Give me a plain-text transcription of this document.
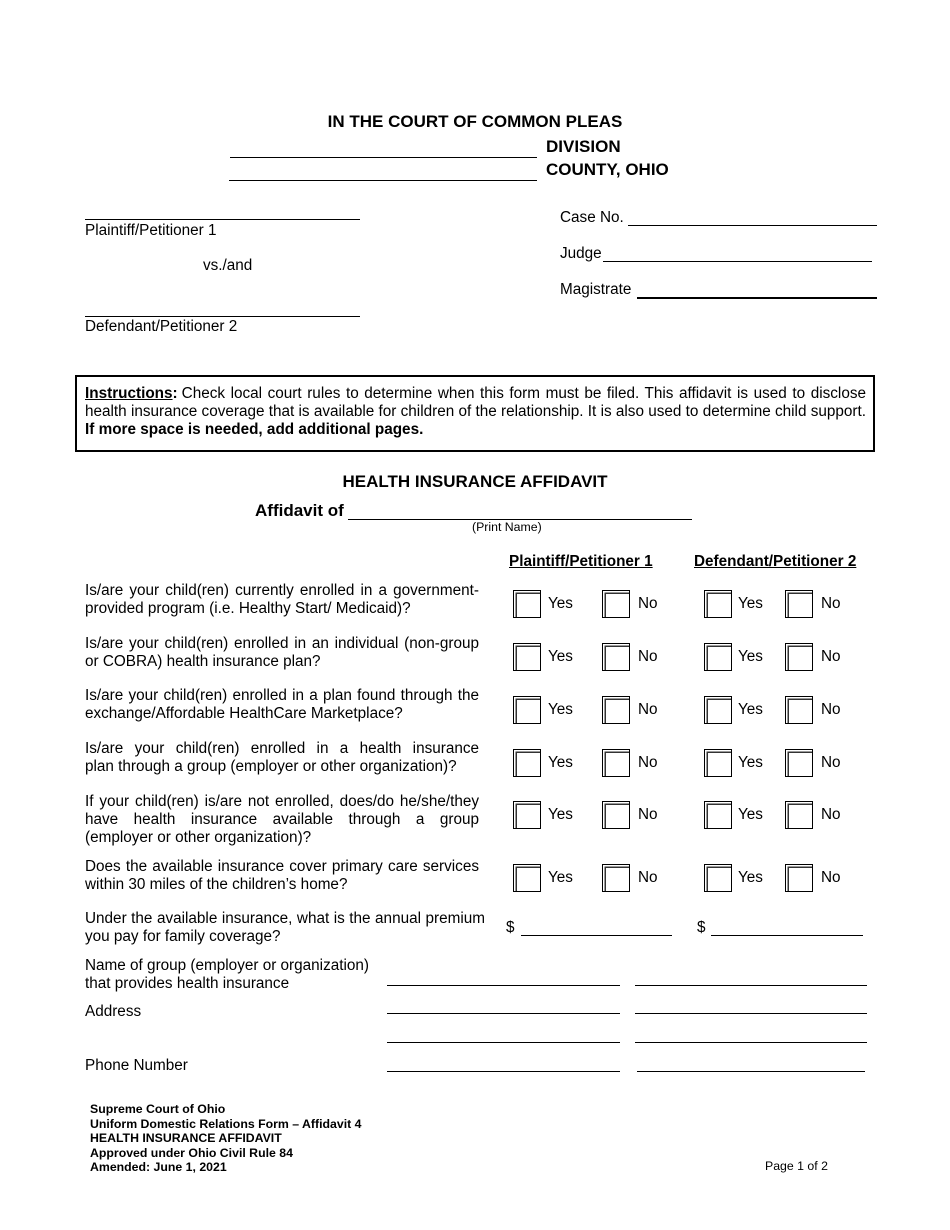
IN THE COURT OF COMMON PLEAS
DIVISION
COUNTY, OHIO
Plaintiff/Petitioner 1
vs./and
Defendant/Petitioner 2
Case No.
Judge
Magistrate
Instructions: Check local court rules to determine when this form must be filed. This affidavit is used to disclose
health insurance coverage that is available for children of the relationship. It is also used to determine child support.
If more space is needed, add additional pages.
HEALTH INSURANCE AFFIDAVIT
Affidavit of
(Print Name)
Plaintiff/Petitioner 1	Defendant/Petitioner 2
Under the available insurance, what is the annual premium
you pay for family coverage?
$	$
Name of group (employer or organization)
that provides health insurance
Address
Phone Number
Supreme Court of Ohio
Uniform Domestic Relations Form – Affidavit 4
HEALTH INSURANCE AFFIDAVIT
Approved under Ohio Civil Rule 84
Amended: June 1, 2021	Page 1 of 2
Is/are your child(ren) currently enrolled in a government-
provided program (i.e. Healthy Start/ Medicaid)?	Yes	No	Yes	No
Is/are your child(ren) enrolled in an individual (non-group
or COBRA) health insurance plan?	Yes	No	Yes	No
Is/are your child(ren) enrolled in a plan found through the
exchange/Affordable HealthCare Marketplace?	Yes	No	Yes	No
Is/are your child(ren) enrolled in a health insurance
plan through a group (employer or other organization)?	Yes	No	Yes	No
If your child(ren) is/are not enrolled, does/do he/she/they
have health insurance available through a group
(employer or other organization)?
Yes	No	Yes	No
Does the available insurance cover primary care services
within 30 miles of the children’s home?	Yes	No	Yes	No
